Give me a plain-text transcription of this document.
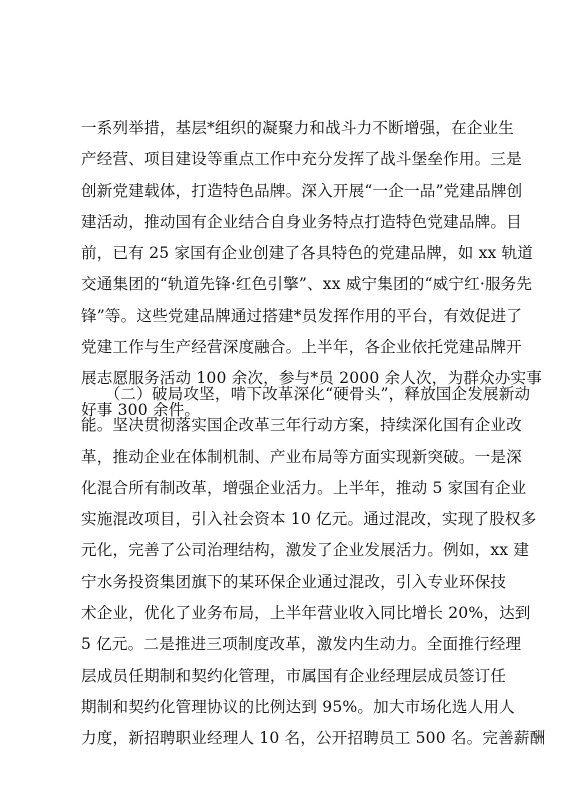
一系列举措，基层*组织的凝聚力和战斗力不断增强，在企业生
产经营、项目建设等重点工作中充分发挥了战斗堡垒作用。三是
创新党建载体，打造特色品牌。深入开展“一企一品”党建品牌创
建活动，推动国有企业结合自身业务特点打造特色党建品牌。目
前，已有 25 家国有企业创建了各具特色的党建品牌，如 xx 轨道
交通集团的“轨道先锋·红色引擎”、xx 威宁集团的“威宁红·服务先
锋”等。这些党建品牌通过搭建*员发挥作用的平台，有效促进了
党建工作与生产经营深度融合。上半年，各企业依托党建品牌开
展志愿服务活动 100 余次，参与*员 2000 余人次，为群众办实事
好事 300 余件。
　　（二）破局攻坚，啃下改革深化“硬骨头”，释放国企发展新动
能。坚决贯彻落实国企改革三年行动方案，持续深化国有企业改
革，推动企业在体制机制、产业布局等方面实现新突破。一是深
化混合所有制改革，增强企业活力。上半年，推动 5 家国有企业
实施混改项目，引入社会资本 10 亿元。通过混改，实现了股权多
元化，完善了公司治理结构，激发了企业发展活力。例如，xx 建
宁水务投资集团旗下的某环保企业通过混改，引入专业环保技
术企业，优化了业务布局，上半年营业收入同比增长 20%，达到
5 亿元。二是推进三项制度改革，激发内生动力。全面推行经理
层成员任期制和契约化管理，市属国有企业经理层成员签订任
期制和契约化管理协议的比例达到 95%。加大市场化选人用人
力度，新招聘职业经理人 10 名，公开招聘员工 500 名。完善薪酬
